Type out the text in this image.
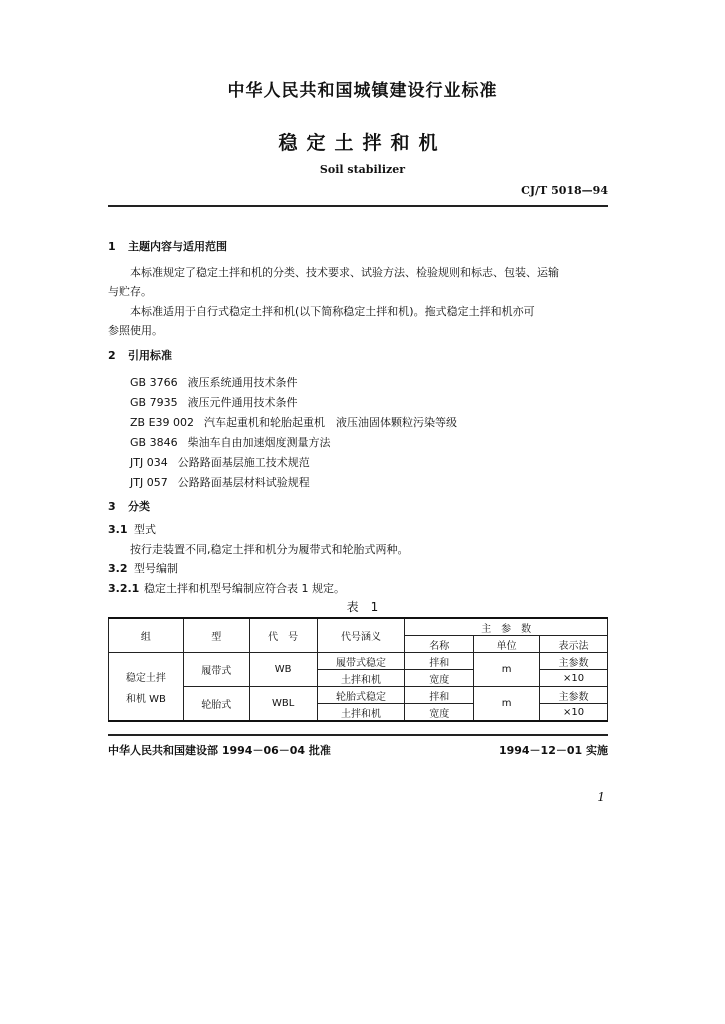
中华人民共和国城镇建设行业标准
稳定土拌和机
Soil stabilizer
CJ/T 5018—94
1 主题内容与适用范围
本标准规定了稳定土拌和机的分类、技术要求、试验方法、检验规则和标志、包装、运输
与贮存。
本标准适用于自行式稳定土拌和机(以下简称稳定土拌和机)。拖式稳定土拌和机亦可
参照使用。
2 引用标准
GB 3766 液压系统通用技术条件
GB 7935 液压元件通用技术条件
ZB E39 002 汽车起重机和轮胎起重机　液压油固体颗粒污染等级
GB 3846 柴油车自由加速烟度测量方法
JTJ 034 公路路面基层施工技术规范
JTJ 057 公路路面基层材料试验规程
3 分类
3.1 型式
按行走装置不同,稳定土拌和机分为履带式和轮胎式两种。
3.2 型号编制
3.2.1 稳定土拌和机型号编制应符合表 1 规定。
表　1
组	型	代　号	代号涵义	主　参　数		
				名称	单位	表示法

稳定土拌
和机 WB	履带式	WB	履带式稳定	拌和	m	主参数
			土拌和机	宽度		×10
	轮胎式	WBL	轮胎式稳定	拌和	m	主参数
			土拌和机	宽度		×10
中华人民共和国建设部 1994－06－04 批准	1994－12－01 实施
1
